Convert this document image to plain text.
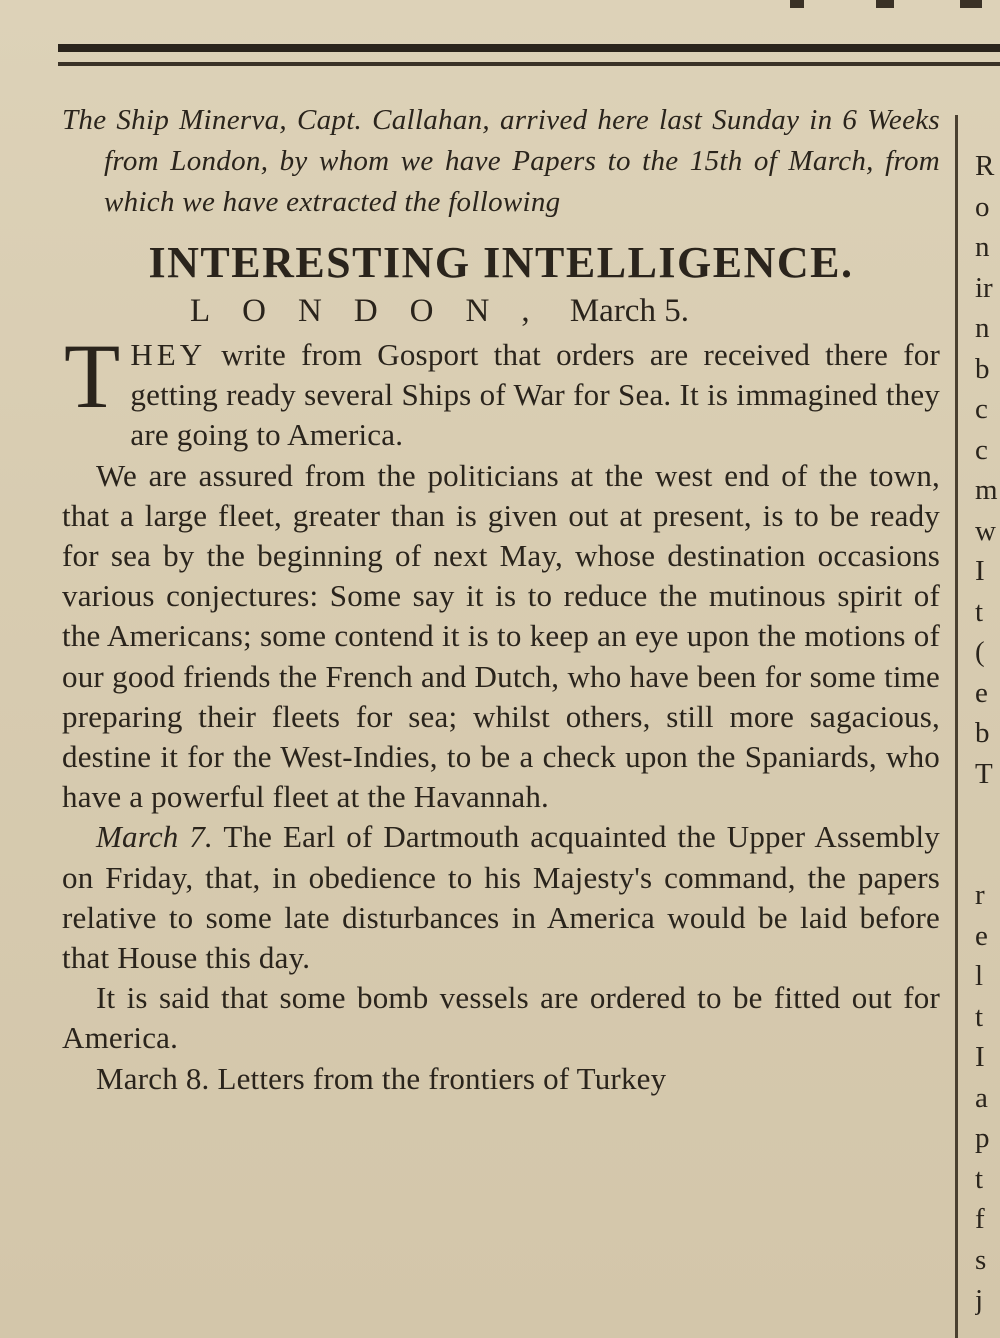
The Ship Minerva, Capt. Callahan, arrived here last Sunday in 6 Weeks from London, by whom we have Papers to the 15th of March, from which we have extracted the following

INTERESTING INTELLIGENCE.

LONDON, March 5.

THEY write from Gosport that orders are received there for getting ready several Ships of War for Sea. It is immagined they are going to America.

We are assured from the politicians at the west end of the town, that a large fleet, greater than is given out at present, is to be ready for sea by the beginning of next May, whose destination occasions various conjectures: Some say it is to reduce the mutinous spirit of the Americans; some contend it is to keep an eye upon the motions of our good friends the French and Dutch, who have been for some time preparing their fleets for sea; whilst others, still more sagacious, destine it for the West-Indies, to be a check upon the Spaniards, who have a powerful fleet at the Havannah.

March 7. The Earl of Dartmouth acquainted the Upper Assembly on Friday, that, in obedience to his Majesty's command, the papers relative to some late disturbances in America would be laid before that House this day.

It is said that some bomb vessels are ordered to be fitted out for America.

March 8. Letters from the frontiers of Turkey

R
o
n
ir
n
b
c
c
m
w
I
t
(
e
b
T
r
e
l
t
I
a
p
t
f
s
j
